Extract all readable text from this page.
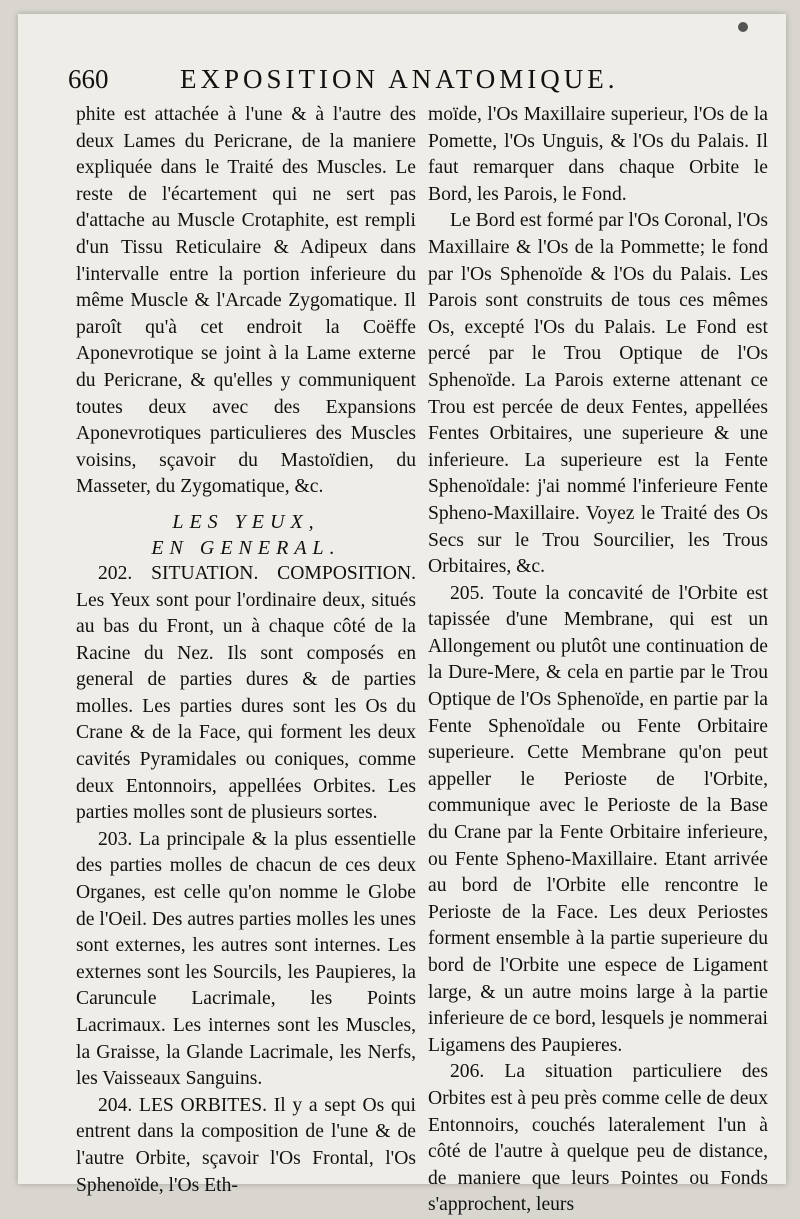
660	EXPOSITION ANATOMIQUE.

phite est attachée à l'une & à l'autre des deux Lames du Pericrane, de la maniere expliquée dans le Traité des Muscles. Le reste de l'écartement qui ne sert pas d'attache au Muscle Crotaphite, est rempli d'un Tissu Reticulaire & Adipeux dans l'intervalle entre la portion inferieure du même Muscle & l'Arcade Zygomatique. Il paroît qu'à cet endroit la Coëffe Aponevrotique se joint à la Lame externe du Pericrane, & qu'elles y communiquent toutes deux avec des Expansions Aponevrotiques particulieres des Muscles voisins, sçavoir du Mastoïdien, du Masseter, du Zygomatique, &c.

LES YEUX,
EN GENERAL.

202. SITUATION. COMPOSITION. Les Yeux sont pour l'ordinaire deux, situés au bas du Front, un à chaque côté de la Racine du Nez. Ils sont composés en general de parties dures & de parties molles. Les parties dures sont les Os du Crane & de la Face, qui forment les deux cavités Pyramidales ou coniques, comme deux Entonnoirs, appellées Orbites. Les parties molles sont de plusieurs sortes.

203. La principale & la plus essentielle des parties molles de chacun de ces deux Organes, est celle qu'on nomme le Globe de l'Oeil. Des autres parties molles les unes sont externes, les autres sont internes. Les externes sont les Sourcils, les Paupieres, la Caruncule Lacrimale, les Points Lacrimaux. Les internes sont les Muscles, la Graisse, la Glande Lacrimale, les Nerfs, les Vaisseaux Sanguins.

204. LES ORBITES. Il y a sept Os qui entrent dans la composition de l'une & de l'autre Orbite, sçavoir l'Os Frontal, l'Os Sphenoïde, l'Os Eth-

moïde, l'Os Maxillaire superieur, l'Os de la Pomette, l'Os Unguis, & l'Os du Palais. Il faut remarquer dans chaque Orbite le Bord, les Parois, le Fond.

Le Bord est formé par l'Os Coronal, l'Os Maxillaire & l'Os de la Pommette; le fond par l'Os Sphenoïde & l'Os du Palais. Les Parois sont construits de tous ces mêmes Os, excepté l'Os du Palais. Le Fond est percé par le Trou Optique de l'Os Sphenoïde. La Parois externe attenant ce Trou est percée de deux Fentes, appellées Fentes Orbitaires, une superieure & une inferieure. La superieure est la Fente Sphenoïdale: j'ai nommé l'inferieure Fente Spheno-Maxillaire. Voyez le Traité des Os Secs sur le Trou Sourcilier, les Trous Orbitaires, &c.

205. Toute la concavité de l'Orbite est tapissée d'une Membrane, qui est un Allongement ou plutôt une continuation de la Dure-Mere, & cela en partie par le Trou Optique de l'Os Sphenoïde, en partie par la Fente Sphenoïdale ou Fente Orbitaire superieure. Cette Membrane qu'on peut appeller le Perioste de l'Orbite, communique avec le Perioste de la Base du Crane par la Fente Orbitaire inferieure, ou Fente Spheno-Maxillaire. Etant arrivée au bord de l'Orbite elle rencontre le Perioste de la Face. Les deux Periostes forment ensemble à la partie superieure du bord de l'Orbite une espece de Ligament large, & un autre moins large à la partie inferieure de ce bord, lesquels je nommerai Ligamens des Paupieres.

206. La situation particuliere des Orbites est à peu près comme celle de deux Entonnoirs, couchés lateralement l'un à côté de l'autre à quelque peu de distance, de maniere que leurs Pointes ou Fonds s'approchent, leurs
